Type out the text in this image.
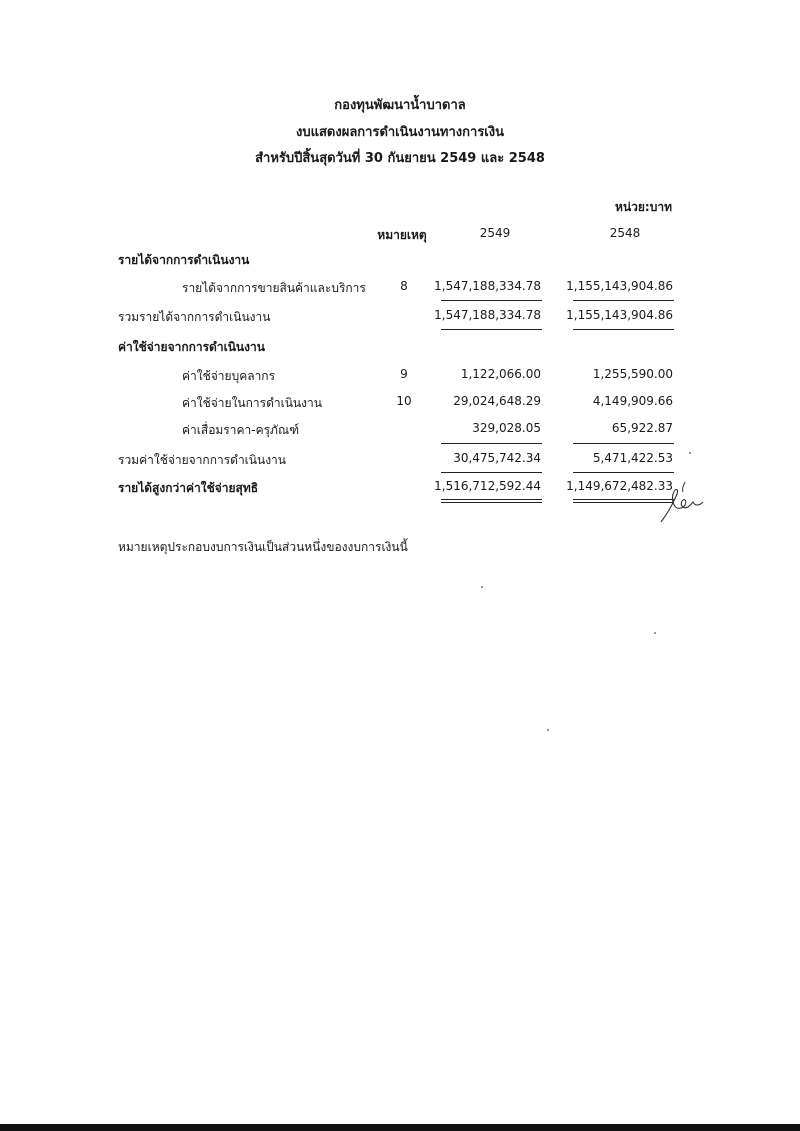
กองทุนพัฒนาน้ำบาดาล
งบแสดงผลการดำเนินงานทางการเงิน
สำหรับปีสิ้นสุดวันที่ 30 กันยายน 2549 และ 2548
หน่วย:บาท
หมายเหตุ	2549	2548
รายได้จากการดำเนินงาน
รายได้จากการขายสินค้าและบริการ	8	1,547,188,334.78	1,155,143,904.86
รวมรายได้จากการดำเนินงาน	1,547,188,334.78	1,155,143,904.86
ค่าใช้จ่ายจากการดำเนินงาน
ค่าใช้จ่ายบุคลากร	9	1,122,066.00	1,255,590.00
ค่าใช้จ่ายในการดำเนินงาน	10	29,024,648.29	4,149,909.66
ค่าเสื่อมราคา-ครุภัณฑ์	329,028.05	65,922.87
รวมค่าใช้จ่ายจากการดำเนินงาน	30,475,742.34	5,471,422.53
รายได้สูงกว่าค่าใช้จ่ายสุทธิ	1,516,712,592.44	1,149,672,482.33
หมายเหตุประกอบงบการเงินเป็นส่วนหนึ่งของงบการเงินนี้
